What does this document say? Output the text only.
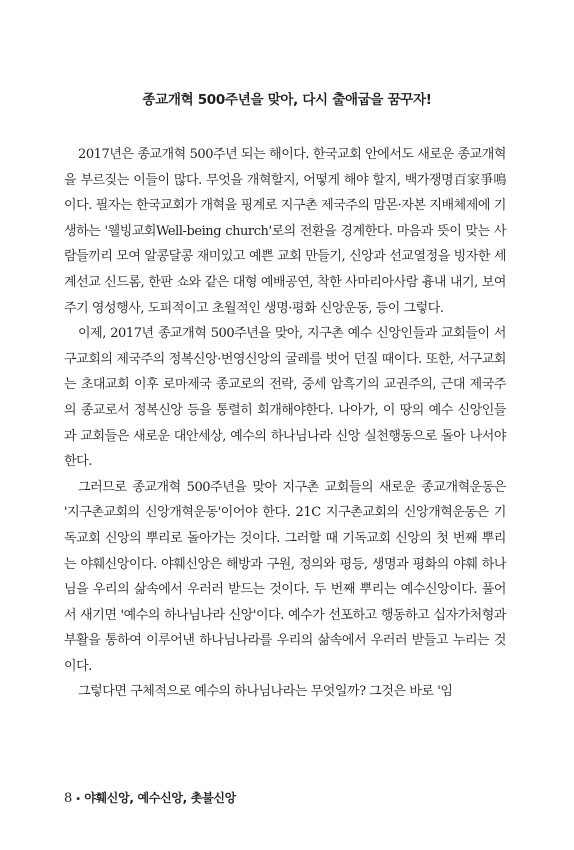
종교개혁 500주년을 맞아, 다시 출애굽을 꿈꾸자!

2017년은 종교개혁 500주년 되는 해이다. 한국교회 안에서도 새로운 종교개혁을 부르짖는 이들이 많다. 무엇을 개혁할지, 어떻게 해야 할지, 백가쟁명百家爭鳴이다. 필자는 한국교회가 개혁을 핑계로 지구촌 제국주의 맘몬·자본 지배체제에 기생하는 '웰빙교회Well-being church'로의 전환을 경계한다. 마음과 뜻이 맞는 사람들끼리 모여 알콩달콩 재미있고 예쁜 교회 만들기, 신앙과 선교열정을 빙자한 세계선교 신드롬, 한판 쇼와 같은 대형 예배공연, 착한 사마리아사람 흉내 내기, 보여주기 영성행사, 도피적이고 초월적인 생명·평화 신앙운동, 등이 그렇다.

이제, 2017년 종교개혁 500주년을 맞아, 지구촌 예수 신앙인들과 교회들이 서구교회의 제국주의 정복신앙·번영신앙의 굴레를 벗어 던질 때이다. 또한, 서구교회는 초대교회 이후 로마제국 종교로의 전락, 중세 암흑기의 교권주의, 근대 제국주의 종교로서 정복신앙 등을 통렬히 회개해야한다. 나아가, 이 땅의 예수 신앙인들과 교회들은 새로운 대안세상, 예수의 하나님나라 신앙 실천행동으로 돌아 나서야 한다.

그러므로 종교개혁 500주년을 맞아 지구촌 교회들의 새로운 종교개혁운동은 '지구촌교회의 신앙개혁운동'이어야 한다. 21C 지구촌교회의 신앙개혁운동은 기독교회 신앙의 뿌리로 돌아가는 것이다. 그러할 때 기독교회 신앙의 첫 번째 뿌리는 야훼신앙이다. 야훼신앙은 해방과 구원, 정의와 평등, 생명과 평화의 야훼 하나님을 우리의 삶속에서 우러러 받드는 것이다. 두 번째 뿌리는 예수신앙이다. 풀어서 새기면 '예수의 하나님나라 신앙'이다. 예수가 선포하고 행동하고 십자가처형과 부활을 통하여 이루어낸 하나님나라를 우리의 삶속에서 우러러 받들고 누리는 것이다.

그렇다면 구체적으로 예수의 하나님나라는 무엇일까? 그것은 바로 '임

8 • 야훼신앙, 예수신앙, 촛불신앙
